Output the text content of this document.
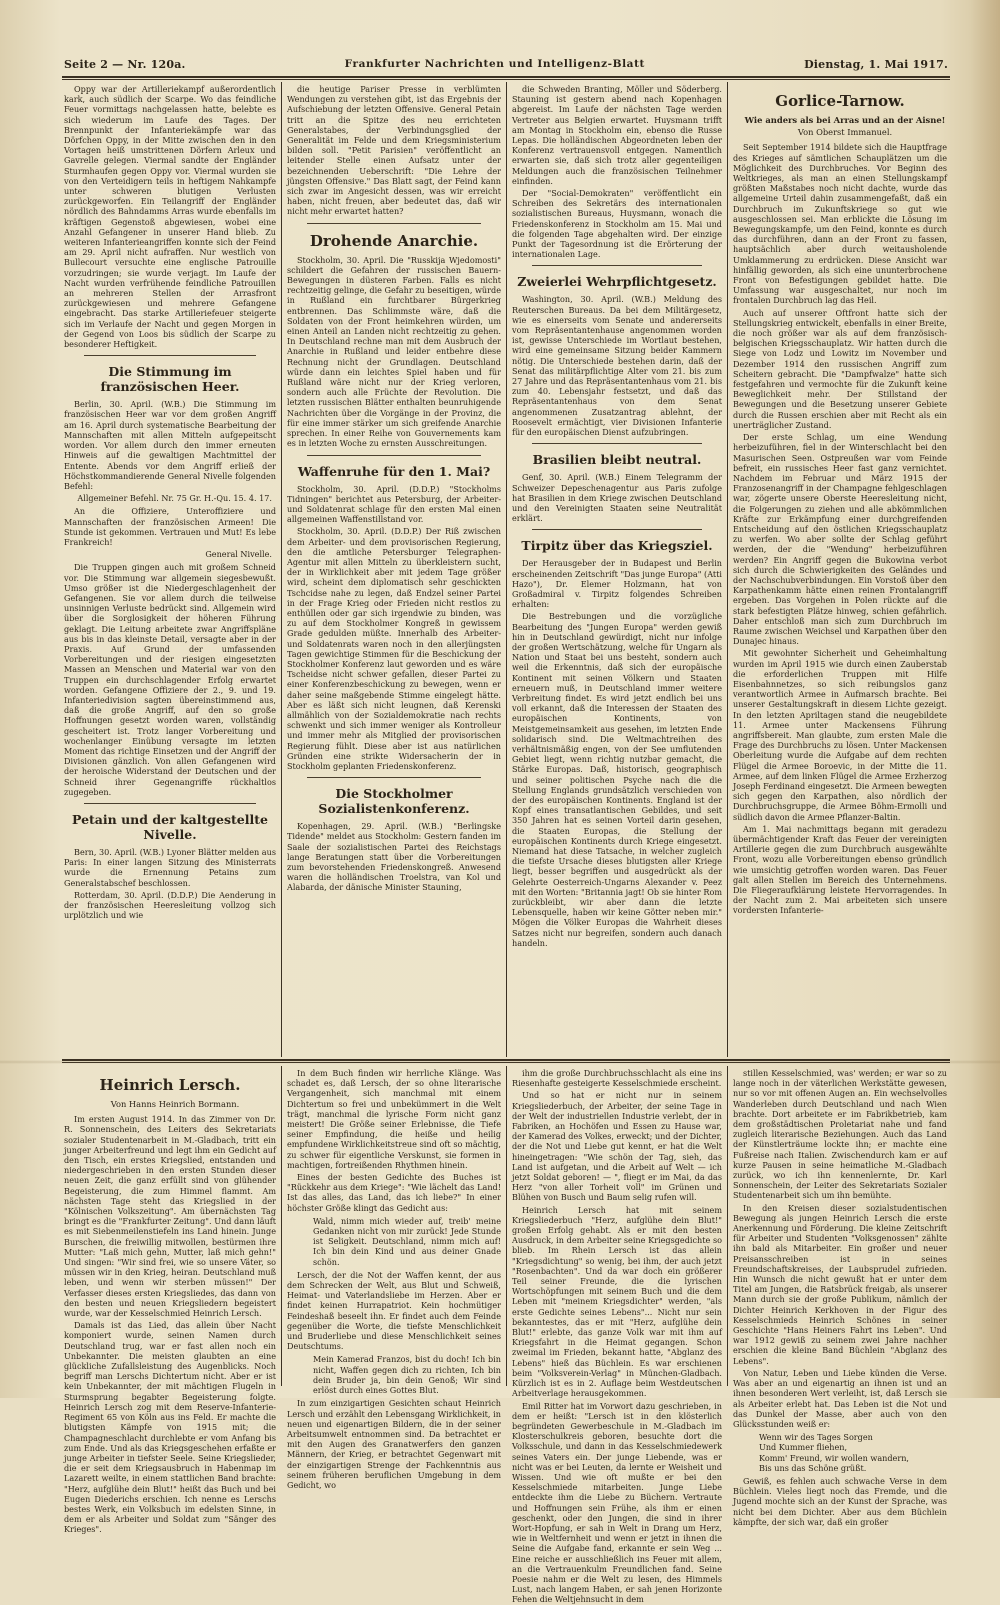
Seite 2 — Nr. 120a.	Frankfurter Nachrichten und Intelligenz-Blatt	Dienstag, 1. Mai 1917.

Oppy war der Artilleriekampf außerordentlich kark, auch südlich der Scarpe. Wo das feindliche Feuer vormittags nachgelassen hatte, belebte es sich wiederum im Laufe des Tages. Der Brennpunkt der Infanteriekämpfe war das Dörfchen Oppy, in der Mitte zwischen den in den Vortagen heiß umstrittenen Dörfern Arleux und Gavrelle gelegen. Viermal sandte der Engländer Sturmhaufen gegen Oppy vor. Viermal wurden sie von den Verteidigern teils in heftigem Nahkampfe unter schweren blutigen Verlusten zurückgeworfen. Ein Teilangriff der Engländer nördlich des Bahndamms Arras wurde ebenfalls im kräftigen Gegenstoß abgewiesen, wobei eine Anzahl Gefangener in unserer Hand blieb. Zu weiteren Infanterieangriffen konnte sich der Feind am 29. April nicht aufraffen. Nur westlich von Bullecourt versuchte eine englische Patrouille vorzudringen; sie wurde verjagt. Im Laufe der Nacht wurden verfrühende feindliche Patrouillen an mehreren Stellen der Arrasfront zurückgewiesen und mehrere Gefangene eingebracht. Das starke Artilleriefeuer steigerte sich im Verlaufe der Nacht und gegen Morgen in der Gegend von Loos bis südlich der Scarpe zu besonderer Heftigkeit.

Die Stimmung im französischen Heer.

Berlin, 30. April. (W.B.) Die Stimmung im französischen Heer war vor dem großen Angriff am 16. April durch systematische Bearbeitung der Mannschaften mit allen Mitteln aufgepeitscht worden. Vor allem durch den immer erneuten Hinweis auf die gewaltigen Machtmittel der Entente. Abends vor dem Angriff erließ der Höchstkommandierende General Nivelle folgenden Befehl:

Allgemeiner Befehl. Nr. 75 Gr. H.-Qu. 15. 4. 17.

An die Offiziere, Unteroffiziere und Mannschaften der französischen Armeen! Die Stunde ist gekommen. Vertrauen und Mut! Es lebe Frankreich!

General Nivelle.

Die Truppen gingen auch mit großem Schneid vor. Die Stimmung war allgemein siegesbewußt. Umso größer ist die Niedergeschlagenheit der Gefangenen. Sie vor allem durch die teilweise unsinnigen Verluste bedrückt sind. Allgemein wird über die Sorglosigkeit der höheren Führung geklagt. Die Leitung arbeitete zwar Angriffspläne aus bis in das kleinste Detail, versagte aber in der Praxis. Auf Grund der umfassenden Vorbereitungen und der riesigen eingesetzten Massen an Menschen und Material war von den Truppen ein durchschlagender Erfolg erwartet worden. Gefangene Offiziere der 2., 9. und 19. Infanteriedivision sagten übereinstimmend aus, daß die große Angriff, auf den so große Hoffnungen gesetzt worden waren, vollständig gescheitert ist. Trotz langer Vorbereitung und wochenlanger Einübung versagte im letzten Moment das richtige Einsetzen und der Angriff der Divisionen gänzlich. Von allen Gefangenen wird der heroische Widerstand der Deutschen und der Schneid ihrer Gegenangriffe rückhaltlos zugegeben.

Petain und der kaltgestellte Nivelle.

Bern, 30. April. (W.B.) Lyoner Blätter melden aus Paris: In einer langen Sitzung des Ministerrats wurde die Ernennung Petains zum Generalstabschef beschlossen.

Rotterdam, 30. April. (D.D.P.) Die Aenderung in der französischen Heeresleitung vollzog sich urplötzlich und wie

die heutige Pariser Presse in verblümten Wendungen zu verstehen gibt, ist das Ergebnis der Aufschiebung der letzten Offensive. General Petain tritt an die Spitze des neu errichteten Generalstabes, der Verbindungsglied der Generalität im Felde und dem Kriegsministerium bilden soll. "Petit Parisien" veröffentlicht an leitender Stelle einen Aufsatz unter der bezeichnenden Ueberschrift: "Die Lehre der jüngsten Offensive." Das Blatt sagt, der Feind kann sich zwar im Angesicht dessen, was wir erreicht haben, nicht freuen, aber bedeutet das, daß wir nicht mehr erwartet hatten?

Drohende Anarchie.

Stockholm, 30. April. Die "Russkija Wjedomosti" schildert die Gefahren der russischen Bauern-Bewegungen in düsteren Farben. Falls es nicht rechtzeitig gelinge, die Gefahr zu beseitigen, würde in Rußland ein furchtbarer Bürgerkrieg entbrennen. Das Schlimmste wäre, daß die Soldaten von der Front heimkehren würden, um einen Anteil an Landen nicht rechtzeitig zu gehen. In Deutschland rechne man mit dem Ausbruch der Anarchie in Rußland und leider entbehre diese Rechnung nicht der Grundlagen. Deutschland würde dann ein leichtes Spiel haben und für Rußland wäre nicht nur der Krieg verloren, sondern auch alle Früchte der Revolution. Die letzten russischen Blätter enthalten beunruhigende Nachrichten über die Vorgänge in der Provinz, die für eine immer stärker um sich greifende Anarchie sprechen. In einer Reihe von Gouvernements kam es in letzten Woche zu ernsten Ausschreitungen.

Waffenruhe für den 1. Mai?

Stockholm, 30. April. (D.D.P.) "Stockholms Tidningen" berichtet aus Petersburg, der Arbeiter- und Soldatenrat schlage für den ersten Mal einen allgemeinen Waffenstillstand vor.

Stockholm, 30. April. (D.D.P.) Der Riß zwischen dem Arbeiter- und dem provisorischen Regierung, den die amtliche Petersburger Telegraphen-Agentur mit allen Mitteln zu überkleistern sucht, der in Wirklichkeit aber mit jedem Tage größer wird, scheint dem diplomatisch sehr geschickten Tschcidse nahe zu legen, daß Endzel seiner Partei in der Frage Krieg oder Frieden nicht restlos zu enthüllen oder gar sich irgendwie zu binden, was zu auf dem Stockholmer Kongreß in gewissem Grade gedulden müßte. Innerhalb des Arbeiter- und Soldatenrats waren noch in den allerjüngsten Tagen gewichtige Stimmen für die Beschickung der Stockholmer Konferenz laut geworden und es wäre Tscheidse nicht schwer gefallen, dieser Partei zu einer Konferenzbeschickung zu bewegen, wenn er daher seine maßgebende Stimme eingelegt hätte. Aber es läßt sich nicht leugnen, daß Kerenski allmählich von der Sozialdemokratie nach rechts schwenkt und sich immer weniger als Kontrolleur und immer mehr als Mitglied der provisorischen Regierung fühlt. Diese aber ist aus natürlichen Gründen eine strikte Widersacherin der in Stockholm geplanten Friedenskonferenz.

Die Stockholmer Sozialistenkonferenz.

Kopenhagen, 29. April. (W.B.) "Berlingske Tidende" meldet aus Stockholm: Gestern fanden im Saale der sozialistischen Partei des Reichstags lange Beratungen statt über die Vorbereitungen zum bevorstehenden Friedenskongreß. Anwesend waren die holländischen Troelstra, van Kol und Alabarda, der dänische Minister Stauning,

die Schweden Branting, Möller und Söderberg. Stauning ist gestern abend nach Kopenhagen abgereist. Im Laufe der nächsten Tage werden Vertreter aus Belgien erwartet. Huysmann trifft am Montag in Stockholm ein, ebenso die Russe Lepas. Die holländischen Abgeordneten leben der Konferenz vertrauensvoll entgegen. Namentlich erwarten sie, daß sich trotz aller gegenteiligen Meldungen auch die französischen Teilnehmer einfinden.

Der "Social-Demokraten" veröffentlicht ein Schreiben des Sekretärs des internationalen sozialistischen Bureaus, Huysmann, wonach die Friedenskonferenz in Stockholm am 15. Mai und die folgenden Tage abgehalten wird. Der einzige Punkt der Tagesordnung ist die Erörterung der internationalen Lage.

Zweierlei Wehrpflichtgesetz.

Washington, 30. April. (W.B.) Meldung des Reuterschen Bureaus. Da bei dem Militärgesetz, wie es einerseits vom Senate und andererseits vom Repräsentantenhause angenommen worden ist, gewisse Unterschiede im Wortlaut bestehen, wird eine gemeinsame Sitzung beider Kammern nötig. Die Unterschiede bestehen darin, daß der Senat das militärpflichtige Alter vom 21. bis zum 27 Jahre und das Repräsentantenhaus vom 21. bis zum 40. Lebensjahr festsetzt, und daß das Repräsentantenhaus von dem Senat angenommenen Zusatzantrag ablehnt, der Roosevelt ermächtigt, vier Divisionen Infanterie für den europäischen Dienst aufzubringen.

Brasilien bleibt neutral.

Genf, 30. April. (W.B.) Einem Telegramm der Schweizer Depeschenagentur aus Paris zufolge hat Brasilien in dem Kriege zwischen Deutschland und den Vereinigten Staaten seine Neutralität erklärt.

Tirpitz über das Kriegsziel.

Der Herausgeber der in Budapest und Berlin erscheinenden Zeitschrift "Das junge Europa" (Atti Hazo"), Dr. Elemer Holzmann, hat von Großadmiral v. Tirpitz folgendes Schreiben erhalten:

Die Bestrebungen und die vorzügliche Bearbeitung des "Jungen Europa" werden gewiß hin in Deutschland gewürdigt, nicht nur infolge der großen Wertschätzung, welche für Ungarn als Nation und Staat bei uns besteht, sondern auch weil die Erkenntnis, daß sich der europäische Kontinent mit seinen Völkern und Staaten erneuern muß, in Deutschland immer weitere Verbreitung findet. Es wird jetzt endlich bei uns voll erkannt, daß die Interessen der Staaten des europäischen Kontinents, von Meistgemeinsamkeit aus gesehen, im letzten Ende solidarisch sind. Die Weltmachtreihen des verhältnismäßig engen, von der See umflutenden Gebiet liegt, wenn richtig nutzbar gemacht, die Stärke Europas. Daß, historisch, geographisch und seiner politischen Psyche nach die die Stellung Englands grundsätzlich verschieden von der des europäischen Kontinents. England ist der Kopf eines transatlantischen Gebildes, und seit 350 Jahren hat es seinen Vorteil darin gesehen, die Staaten Europas, die Stellung der europäischen Kontinents durch Kriege eingesetzt. Niemand hat diese Tatsache, in welcher zugleich die tiefste Ursache dieses blutigsten aller Kriege liegt, besser begriffen und ausgedrückt als der Gelehrte Oesterreich-Ungarns Alexander v. Peez mit den Worten: "Britannia jagt! Ob sie hinter Rom zurückbleibt, wir aber dann die letzte Lebensquelle, haben wir keine Götter neben mir." Mögen die Völker Europas die Wahrheit dieses Satzes nicht nur begreifen, sondern auch danach handeln.

Gorlice-Tarnow.

Wie anders als bei Arras und an der Aisne!

Von Oberst Immanuel.

Seit September 1914 bildete sich die Hauptfrage des Krieges auf sämtlichen Schauplätzen um die Möglichkeit des Durchbruches. Vor Beginn des Weltkrieges, als man an einen Stellungskampf größten Maßstabes noch nicht dachte, wurde das allgemeine Urteil dahin zusammengefaßt, daß ein Durchbruch im Zukunftskriege so gut wie ausgeschlossen sei. Man erblickte die Lösung im Bewegungskampfe, um den Feind, konnte es durch das durchführen, dann an der Front zu fassen, hauptsächlich aber durch weitausholende Umklammerung zu erdrücken. Diese Ansicht war hinfällig geworden, als sich eine ununterbrochene Front von Befestigungen gebildet hatte. Die Umfassung war ausgeschaltet, nur noch im frontalen Durchbruch lag das Heil.

Auch auf unserer Oftfront hatte sich der Stellungskrieg entwickelt, ebenfalls in einer Breite, die noch größer war als auf dem französisch-belgischen Kriegsschauplatz. Wir hatten durch die Siege von Lodz und Lowitz im November und Dezember 1914 den russischen Angriff zum Scheitern gebracht. Die "Dampfwalze" hatte sich festgefahren und vermochte für die Zukunft keine Beweglichkeit mehr. Der Stillstand der Bewegungen und die Besetzung unserer Gebiete durch die Russen erschien aber mit Recht als ein unerträglicher Zustand.

Der erste Schlag, um eine Wendung herbeizuführen, fiel in der Winterschlacht bei den Masurischen Seen. Ostpreußen war vom Feinde befreit, ein russisches Heer fast ganz vernichtet. Nachdem im Februar und März 1915 der Franzosenangriff in der Champagne fehlgeschlagen war, zögerte unsere Oberste Heeresleitung nicht, die Folgerungen zu ziehen und alle abkömmlichen Kräfte zur Erkämpfung einer durchgreifenden Entscheidung auf den östlichen Kriegsschauplatz zu werfen. Wo aber sollte der Schlag geführt werden, der die "Wendung" herbeizuführen werden? Ein Angriff gegen die Bukowina verbot sich durch die Schwierigkeiten des Geländes und der Nachschubverbindungen. Ein Vorstoß über den Karpathenkamm hätte einen reinen Frontalangriff ergeben. Das Vorgehen in Polen rückte auf die stark befestigten Plätze hinweg, schien gefährlich. Daher entschloß man sich zum Durchbruch im Raume zwischen Weichsel und Karpathen über den Dunajec hinaus.

Mit gewohnter Sicherheit und Geheimhaltung wurden im April 1915 wie durch einen Zauberstab die erforderlichen Truppen mit Hilfe Eisenbahnnetzes, so sich reibungslos ganz verantwortlich Armee in Aufmarsch brachte. Bei unserer Gestaltungskraft in diesem Lichte gezeigt. In den letzten Apriltagen stand die neugebildete 11. Armee unter Mackensens Führung angriffsbereit. Man glaubte, zum ersten Male die Frage des Durchbruchs zu lösen. Unter Mackensen Oberleitung wurde die Aufgabe auf dem rechten Flügel die Armee Boroevic, in der Mitte die 11. Armee, auf dem linken Flügel die Armee Erzherzog Joseph Ferdinand eingesetzt. Die Armeen bewegten sich gegen den Karpathen, also nördlich der Durchbruchsgruppe, die Armee Böhm-Ermolli und südlich davon die Armee Pflanzer-Baltin.

Am 1. Mai nachmittags begann mit geradezu übermächtigender Kraft das Feuer der vereinigten Artillerie gegen die zum Durchbruch ausgewählte Front, wozu alle Vorbereitungen ebenso gründlich wie umsichtig getroffen worden waren. Das Feuer galt allen Stellen im Bereich des Unternehmens. Die Fliegeraufklärung leistete Hervorragendes. In der Nacht zum 2. Mai arbeiteten sich unsere vordersten Infanterie-

Heinrich Lersch.

Von Hanns Heinrich Bormann.

Im ersten August 1914. In das Zimmer von Dr. R. Sonnenschein, des Leiters des Sekretariats sozialer Studentenarbeit in M.-Gladbach, tritt ein junger Arbeiterfreund und legt ihm ein Gedicht auf den Tisch, ein erstes Kriegslied, entstanden und niedergeschrieben in den ersten Stunden dieser neuen Zeit, die ganz erfüllt sind von glühender Begeisterung, die zum Himmel flammt. Am nächsten Tage steht das Kriegslied in der "Kölnischen Volkszeitung". Am übernächsten Tag bringt es die "Frankfurter Zeitung". Und dann läuft es mit Siebenmeilenstiefeln ins Land hinein. Junge Burschen, die freiwillig mitwollen, bestürmen ihre Mutter: "Laß mich gehn, Mutter, laß mich gehn!" Und singen: "Wir sind frei, wie so unsere Väter, so müssen wir in den Krieg, heiran. Deutschland muß leben, und wenn wir sterben müssen!" Der Verfasser dieses ersten Kriegsliedes, das dann von den besten und neuen Kriegsliedern begeistert wurde, war der Kesselschmied Heinrich Lersch.

Damals ist das Lied, das allein über Nacht komponiert wurde, seinen Namen durch Deutschland trug, war er fast allen noch ein Unbekannter. Die meisten glaubten an eine glückliche Zufallsleistung des Augenblicks. Noch begriff man Lerschs Dichtertum nicht. Aber er ist kein Unbekannter, der mit mächtigen Flugeln in Sturmsprung begabter Begeisterung folgte. Heinrich Lersch zog mit dem Reserve-Infanterie-Regiment 65 von Köln aus ins Feld. Er machte die blutigsten Kämpfe von 1915 mit; die Champagneschlacht durchlebte er vom Anfang bis zum Ende. Und als das Kriegsgeschehen erfaßte er junge Arbeiter in tiefster Seele. Seine Kriegslieder, die er seit dem Kriegsausbruch in Habenmap im Lazarett weilte, in einem stattlichen Band brachte: "Herz, aufglühe dein Blut!" heißt das Buch und bei Eugen Diederichs erschien. Ich nenne es Lerschs bestes Werk, ein Volksbuch im edelsten Sinne, in dem er als Arbeiter und Soldat zum "Sänger des Krieges".

In dem Buch finden wir herrliche Klänge. Was schadet es, daß Lersch, der so ohne literarische Vergangenheit, sich manchmal mit einem Dichtertum so frei und unbekümmert in die Welt trägt, manchmal die lyrische Form nicht ganz meistert! Die Größe seiner Erlebnisse, die Tiefe seiner Empfindung, die heiße und heilig empfundene Wirklichkeitstreue sind oft so mächtig, zu schwer für eigentliche Verskunst, sie formen in machtigen, fortreißenden Rhythmen hinein.

Eines der besten Gedichte des Buches ist "Rückkehr aus dem Kriege": "Wie lächelt das Land! Ist das alles, das Land, das ich liebe?" In einer höchster Größe klingt das Gedicht aus:

Wald, nimm mich wieder auf, treib' meine Gedanken nicht von mir zurück! Jede Stunde ist Seligkeit. Deutschland, nimm mich auf! Ich bin dein Kind und aus deiner Gnade schön.

Lersch, der die Not der Waffen kennt, der aus dem Schrecken der Welt, aus Blut und Schweiß, Heimat- und Vaterlandsliebe im Herzen. Aber er findet keinen Hurrapatriot. Kein hochmütiger Feindeshaß beseelt ihn. Er findet auch dem Feinde gegenüber die Worte, die tiefste Menschlichkeit und Bruderliebe und diese Menschlichkeit seines Deutschtums.

Mein Kamerad Franzos, bist du doch! Ich bin nicht, Waffen gegen dich zu richten, Ich bin dein Bruder ja, bin dein Genoß; Wir sind erlöst durch eines Gottes Blut.

In zum einzigartigen Gesichten schaut Heinrich Lersch und erzählt den Lebensgang Wirklichkeit, in neuen und eigenartigen Bildern, die in der seiner Arbeitsumwelt entnommen sind. Da betrachtet er mit den Augen des Granatwerfers den ganzen Männern, der Krieg, er betrachtet Gegenwart mit der einzigartigen Strenge der Fachkenntnis aus seinem früheren beruflichen Umgebung in dem Gedicht, wo

ihm die große Durchbruchsschlacht als eine ins Riesenhafte gesteigerte Kesselschmiede erscheint.

Und so hat er nicht nur in seinem Kriegsliederbuch, der Arbeiter, der seine Tage in der Welt der industriellen Industrie verlebt, der in Fabriken, an Hochöfen und Essen zu Hause war, der Kamerad des Volkes, erweckt; und der Dichter, der die Not und Liebe gut kennt, er hat die Welt hineingetragen: "Wie schön der Tag, sieh, das Land ist aufgetan, und die Arbeit auf Welt — ich jetzt Soldat geboren! — ", fliegt er im Mai, da das Herz "von aller Torheit voll" im Grünen und Blühen von Busch und Baum selig rufen will.

Heinrich Lersch hat mit seinem Kriegsliederbuch "Herz, aufglühe dein Blut!" großen Erfolg gehabt. Als er mit den besten Ausdruck, in dem Arbeiter seine Kriegsgedichte so blieb. Im Rhein Lersch ist das allein "Kriegsdichtung" so wenig, bei ihm, der auch jetzt "Rosenbachten". Und da war doch ein größerer Teil seiner Freunde, die die lyrischen Wortschöpfungen mit seinem Buch und die dem Leben mit "meinem Kriegsdichter" werden, "als erste Gedichte seines Lebens"... Nicht nur sein bekanntestes, das er mit "Herz, aufglühe dein Blut!" erlebte, das ganze Volk war mit ihm auf Kriegsfahrt in die Heimat gegangen. Schon zweimal im Frieden, bekannt hatte, "Abglanz des Lebens" hieß das Büchlein. Es war erschienen beim "Volksverein-Verlag" in München-Gladbach. Kürzlich ist es in 2. Auflage beim Westdeutschen Arbeitverlage herausgekommen.

Emil Ritter hat im Vorwort dazu geschrieben, in dem er heißt: "Lersch ist in den klösterlich begründeten Gewerbeschule in M.-Gladbach im Klosterschulkreis geboren, besuchte dort die Volksschule, und dann in das Kesselschmiedewerk seines Vaters ein. Der junge Liebende, was er nicht was er bei Leuten, da lernte er Weisheit und Wissen. Und wie oft mußte er bei den Kesselschmiede mitarbeiten. Junge Liebe entdeckte ihm die Liebe zu Büchern. Vertraute und Hoffnungen sein Frühe, als ihm er einen geschenkt, oder den Jungen, die sind in ihrer Wort-Hopfung, er sah in Welt in Drang um Herz, wie in Weltfernheit und wenn er jetzt in ihnen die Seine die Aufgabe fand, erkannte er sein Weg ... Eine reiche er ausschließlich ins Feuer mit allem, an die Vertrauenkulm Freundlichen fand. Seine Poesie nahm er die Welt zu lesen, des Himmels Lust, nach langem Haben, er sah jenen Horizonte Fehen die Weltjehnsucht in dem

stillen Kesselschmied, was' werden; er war so zu lange noch in der väterlichen Werkstätte gewesen, nur so vor mit offenen Augen an. Ein wechselvolles Wanderleben durch Deutschland und nach Wien brachte. Dort arbeitete er im Fabrikbetrieb, kam dem großstädtischen Proletariat nahe und fand zugleich literarische Beziehungen. Auch das Land der Künstlerträume lockte ihn; er machte eine Fußreise nach Italien. Zwischendurch kam er auf kurze Pausen in seine heimatliche M.-Gladbach zurück, wo ich ihn kennenlernte, Dr. Karl Sonnenschein, der Leiter des Sekretariats Sozialer Studentenarbeit sich um ihn bemühte.

In den Kreisen dieser sozialstudentischen Bewegung als jungen Heinrich Lersch die erste Anerkennung und Förderung. Die kleine Zeitschrift für Arbeiter und Studenten "Volksgenossen" zählte ihn bald als Mitarbeiter. Ein großer und neuer Preisansschreiben ist in seines Freundschaftskreises, der Laubsprudel zufrieden. Hin Wunsch die nicht gewußt hat er unter dem Titel am Jungen, die Ratsbrück freigab, als unserer Mann durch sie der große Publikum, nämlich der Dichter Heinrich Kerkhoven in der Figur des Kesselschmieds Heinrich Schönes in seiner Geschichte "Hans Heiners Fahrt ins Leben". Und war 1912 gewiß zu seinem zwei Jahre nachher erschien die kleine Band Büchlein "Abglanz des Lebens".

Von Natur, Leben und Liebe künden die Verse. Was aber an und eigenartig an ihnen ist und an ihnen besonderen Wert verleiht, ist, daß Lersch sie als Arbeiter erlebt hat. Das Leben ist die Not und das Dunkel der Masse, aber auch von den Glücksstunden weiß er:

Wenn wir des Tages Sorgen
Und Kummer fliehen,
Komm' Freund, wir wollen wandern,
Bis uns das Schöne grüßt.

Gewiß, es fehlen auch schwache Verse in dem Büchlein. Vieles liegt noch das Fremde, und die Jugend mochte sich an der Kunst der Sprache, was nicht bei dem Dichter. Aber aus dem Büchlein kämpfte, der sich war, daß ein großer
